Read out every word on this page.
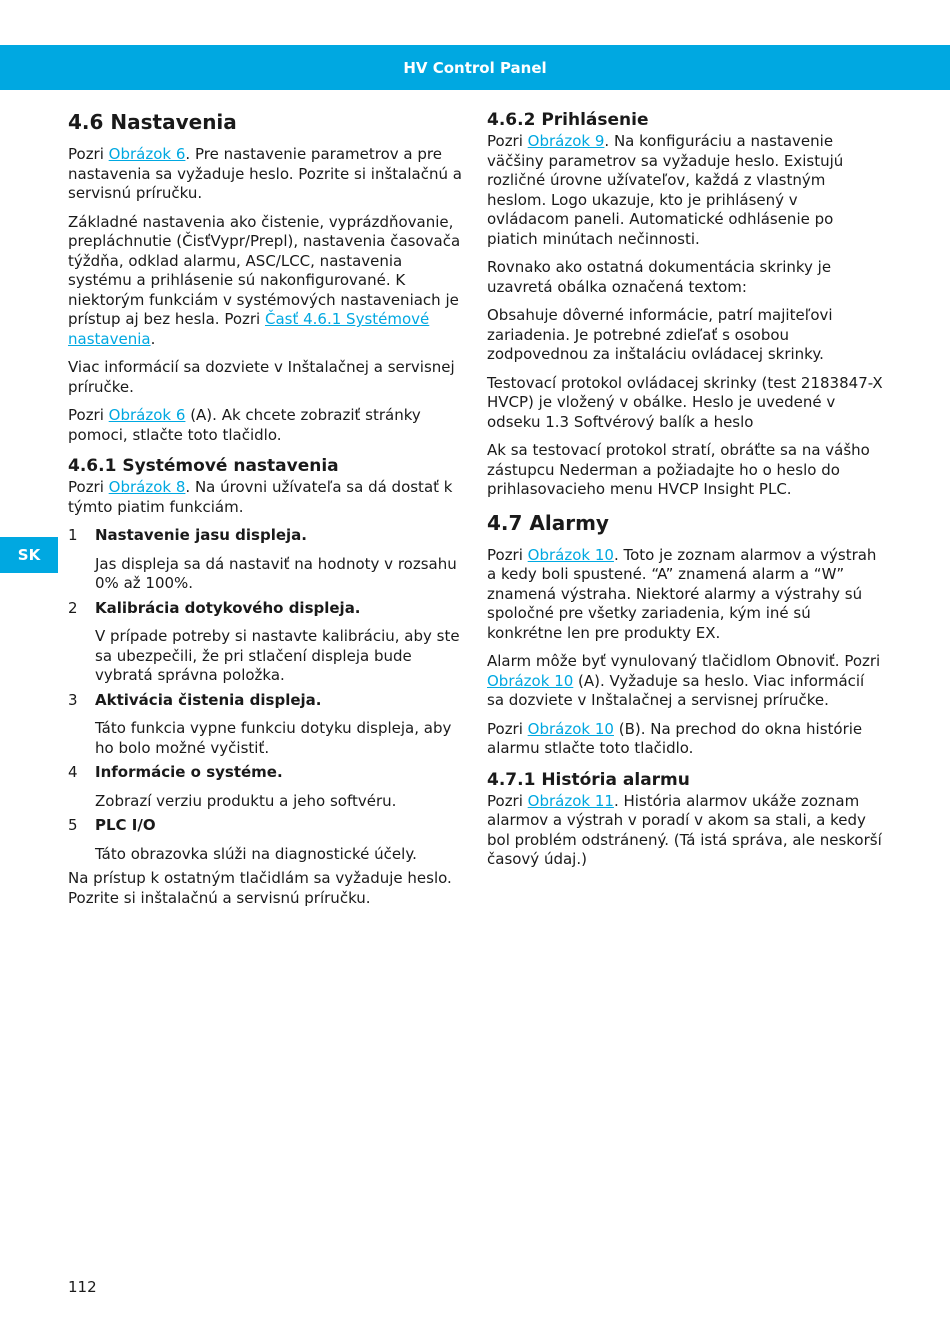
HV Control Panel
SK
4.6 Nastavenia

Pozri Obrázok 6. Pre nastavenie parametrov a pre nastavenia sa vyžaduje heslo. Pozrite si inštalačnú a servisnú príručku.

Základné nastavenia ako čistenie, vyprázdňovanie, prepláchnutie (ČisťVypr/Prepl), nastavenia časovača týždňa, odklad alarmu, ASC/LCC, nastavenia systému a prihlásenie sú nakonfigurované. K niektorým funkciám v systémových nastaveniach je prístup aj bez hesla. Pozri Časť 4.6.1 Systémové nastavenia.

Viac informácií sa dozviete v Inštalačnej a servisnej príručke.

Pozri Obrázok 6 (A). Ak chcete zobraziť stránky pomoci, stlačte toto tlačidlo.

4.6.1 Systémové nastavenia

Pozri Obrázok 8. Na úrovni užívateľa sa dá dostať k týmto piatim funkciám.

1	Nastavenie jasu displeja.
Jas displeja sa dá nastaviť na hodnoty v rozsahu 0% až 100%.
2	Kalibrácia dotykového displeja.
V prípade potreby si nastavte kalibráciu, aby ste sa ubezpečili, že pri stlačení displeja bude vybratá správna položka.
3	Aktivácia čistenia displeja.
Táto funkcia vypne funkciu dotyku displeja, aby ho bolo možné vyčistiť.
4	Informácie o systéme.
Zobrazí verziu produktu a jeho softvéru.
5	PLC I/O
Táto obrazovka slúži na diagnostické účely.

Na prístup k ostatným tlačidlám sa vyžaduje heslo. Pozrite si inštalačnú a servisnú príručku.

4.6.2 Prihlásenie

Pozri Obrázok 9. Na konfiguráciu a nastavenie väčšiny parametrov sa vyžaduje heslo. Existujú rozličné úrovne užívateľov, každá z vlastným heslom. Logo ukazuje, kto je prihlásený v ovládacom paneli. Automatické odhlásenie po piatich minútach nečinnosti.

Rovnako ako ostatná dokumentácia skrinky je uzavretá obálka označená textom:

Obsahuje dôverné informácie, patrí majiteľovi zariadenia. Je potrebné zdieľať s osobou zodpovednou za inštaláciu ovládacej skrinky.

Testovací protokol ovládacej skrinky (test 2183847-X HVCP) je vložený v obálke. Heslo je uvedené v odseku 1.3 Softvérový balík a heslo

Ak sa testovací protokol stratí, obráťte sa na vášho zástupcu Nederman a požiadajte ho o heslo do prihlasovacieho menu HVCP Insight PLC.

4.7 Alarmy

Pozri Obrázok 10. Toto je zoznam alarmov a výstrah a kedy boli spustené. “A” znamená alarm a “W” znamená výstraha. Niektoré alarmy a výstrahy sú spoločné pre všetky zariadenia, kým iné sú konkrétne len pre produkty EX.

Alarm môže byť vynulovaný tlačidlom Obnoviť. Pozri Obrázok 10 (A). Vyžaduje sa heslo. Viac informácií sa dozviete v Inštalačnej a servisnej príručke.

Pozri Obrázok 10 (B). Na prechod do okna histórie alarmu stlačte toto tlačidlo.

4.7.1 História alarmu

Pozri Obrázok 11. História alarmov ukáže zoznam alarmov a výstrah v poradí v akom sa stali, a kedy bol problém odstránený. (Tá istá správa, ale neskorší časový údaj.)

112
